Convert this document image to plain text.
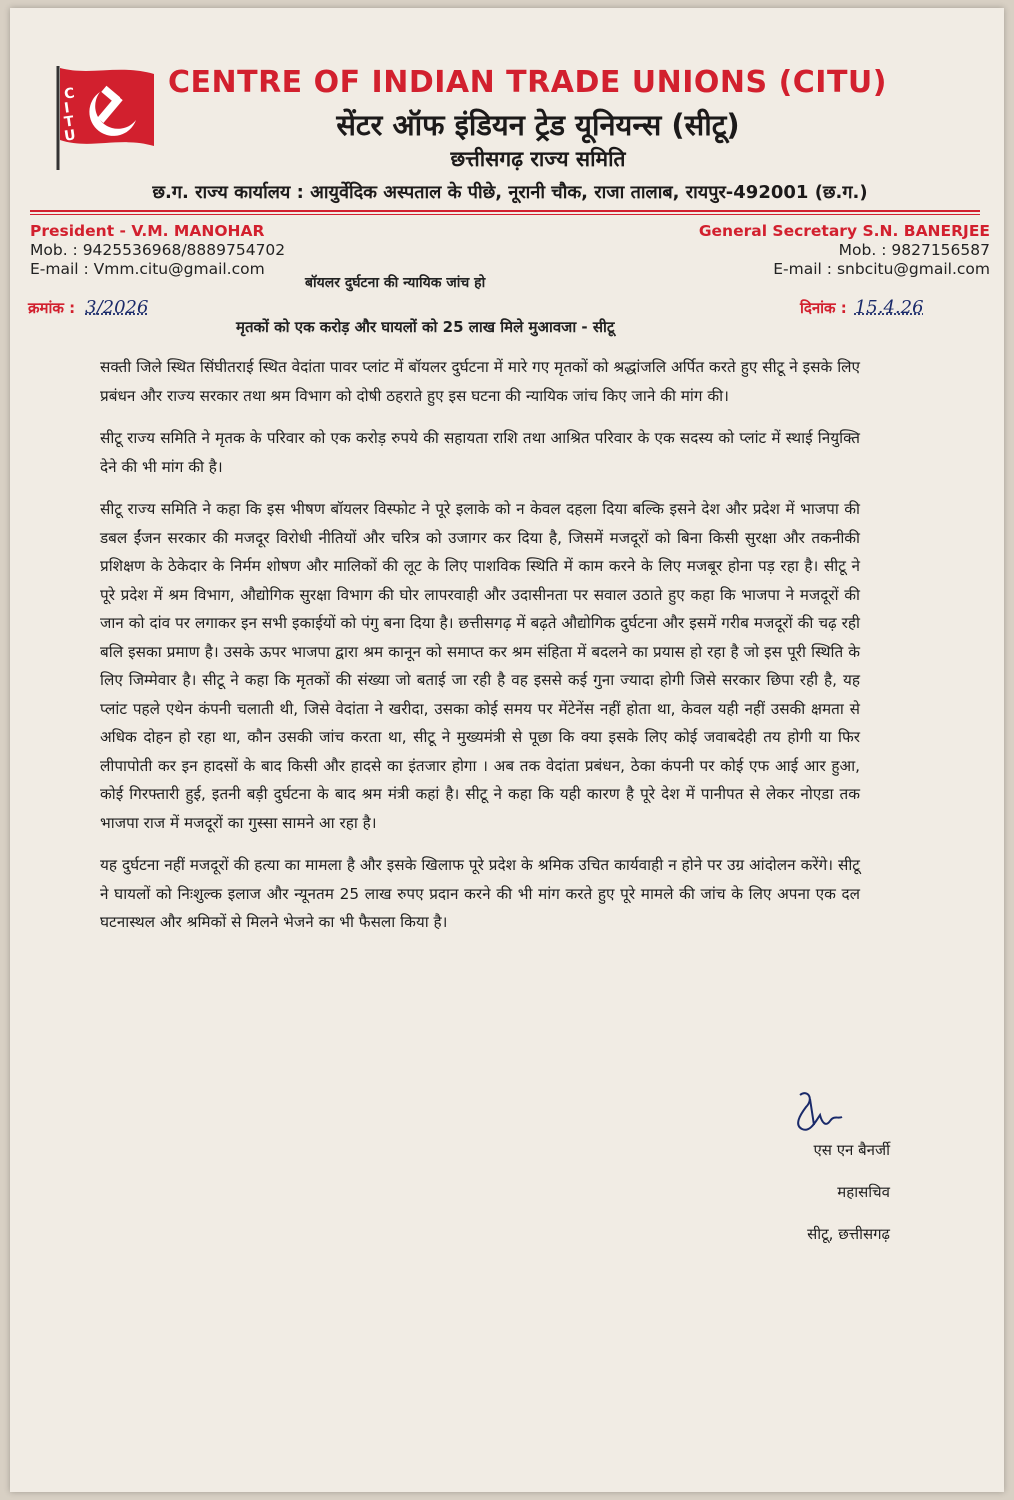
C
I
T
U
CENTRE OF INDIAN TRADE UNIONS (CITU)
सेंटर ऑफ इंडियन ट्रेड यूनियन्स (सीटू)
छत्तीसगढ़ राज्य समिति
छ.ग. राज्य कार्यालय : आयुर्वेदिक अस्पताल के पीछे, नूरानी चौक, राजा तालाब, रायपुर-492001 (छ.ग.)
President - V.M. MANOHAR
Mob. : 9425536968/8889754702
E-mail : Vmm.citu@gmail.com
General Secretary S.N. BANERJEE
Mob. : 9827156587
E-mail : snbcitu@gmail.com
बॉयलर दुर्घटना की न्यायिक जांच हो
क्रमांक : 3/2026	दिनांक : 15.4.26
मृतकों को एक करोड़ और घायलों को 25 लाख मिले मुआवजा - सीटू

सक्ती जिले स्थित सिंघीतराई स्थित वेदांता पावर प्लांट में बॉयलर दुर्घटना में मारे गए मृतकों को श्रद्धांजलि अर्पित करते हुए सीटू ने इसके लिए प्रबंधन और राज्य सरकार तथा श्रम विभाग को दोषी ठहराते हुए इस घटना की न्यायिक जांच किए जाने की मांग की।

सीटू राज्य समिति ने मृतक के परिवार को एक करोड़ रुपये की सहायता राशि तथा आश्रित परिवार के एक सदस्य को प्लांट में स्थाई नियुक्ति देने की भी मांग की है।

सीटू राज्य समिति ने कहा कि इस भीषण बॉयलर विस्फोट ने पूरे इलाके को न केवल दहला दिया बल्कि इसने देश और प्रदेश में भाजपा की डबल ईंजन सरकार की मजदूर विरोधी नीतियों और चरित्र को उजागर कर दिया है, जिसमें मजदूरों को बिना किसी सुरक्षा और तकनीकी प्रशिक्षण के ठेकेदार के निर्मम शोषण और मालिकों की लूट के लिए पाशविक स्थिति में काम करने के लिए मजबूर होना पड़ रहा है। सीटू ने पूरे प्रदेश में श्रम विभाग, औद्योगिक सुरक्षा विभाग की घोर लापरवाही और उदासीनता पर सवाल उठाते हुए कहा कि भाजपा ने मजदूरों की जान को दांव पर लगाकर इन सभी इकाईयों को पंगु बना दिया है। छत्तीसगढ़ में बढ़ते औद्योगिक दुर्घटना और इसमें गरीब मजदूरों की चढ़ रही बलि इसका प्रमाण है। उसके ऊपर भाजपा द्वारा श्रम कानून को समाप्त कर श्रम संहिता में बदलने का प्रयास हो रहा है जो इस पूरी स्थिति के लिए जिम्मेवार है। सीटू ने कहा कि मृतकों की संख्या जो बताई जा रही है वह इससे कई गुना ज्यादा होगी जिसे सरकार छिपा रही है, यह प्लांट पहले एथेन कंपनी चलाती थी, जिसे वेदांता ने खरीदा, उसका कोई समय पर मेंटेनेंस नहीं होता था, केवल यही नहीं उसकी क्षमता से अधिक दोहन हो रहा था, कौन उसकी जांच करता था, सीटू ने मुख्यमंत्री से पूछा कि क्या इसके लिए कोई जवाबदेही तय होगी या फिर लीपापोती कर इन हादसों के बाद किसी और हादसे का इंतजार होगा । अब तक वेदांता प्रबंधन, ठेका कंपनी पर कोई एफ आई आर हुआ, कोई गिरफ्तारी हुई, इतनी बड़ी दुर्घटना के बाद श्रम मंत्री कहां है। सीटू ने कहा कि यही कारण है पूरे देश में पानीपत से लेकर नोएडा तक भाजपा राज में मजदूरों का गुस्सा सामने आ रहा है।

यह दुर्घटना नहीं मजदूरों की हत्या का मामला है और इसके खिलाफ पूरे प्रदेश के श्रमिक उचित कार्यवाही न होने पर उग्र आंदोलन करेंगे। सीटू ने घायलों को निःशुल्क इलाज और न्यूनतम 25 लाख रुपए प्रदान करने की भी मांग करते हुए पूरे मामले की जांच के लिए अपना एक दल घटनास्थल और श्रमिकों से मिलने भेजने का भी फैसला किया है।

एस एन बैनर्जी
महासचिव
सीटू, छत्तीसगढ़
